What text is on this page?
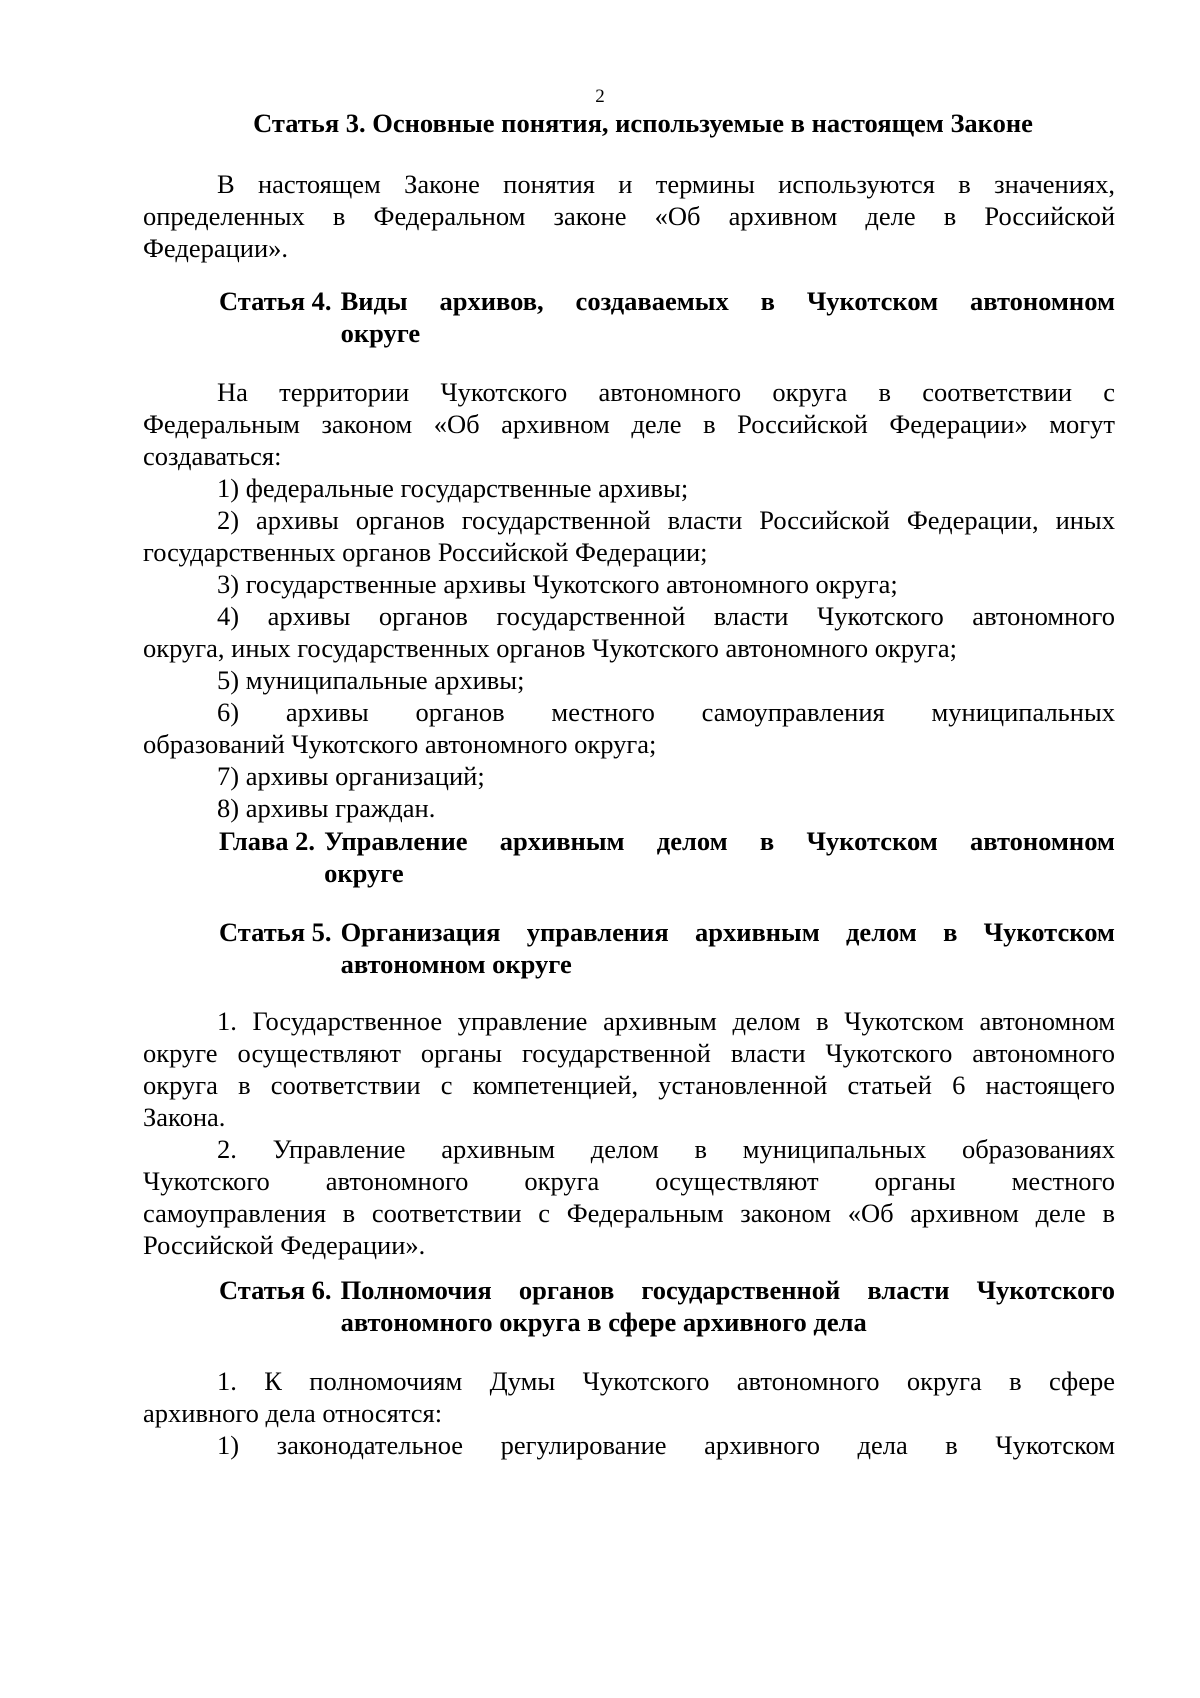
2
Статья 3. Основные понятия, используемые в настоящем Законе
В настоящем Законе понятия и термины используются в значениях,
определенных в Федеральном законе «Об архивном деле в Российской
Федерации».
Статья 4. Виды архивов, создаваемых в Чукотском автономном
округе
На территории Чукотского автономного округа в соответствии с
Федеральным законом «Об архивном деле в Российской Федерации» могут
создаваться:
1) федеральные государственные архивы;
2) архивы органов государственной власти Российской Федерации, иных
государственных органов Российской Федерации;
3) государственные архивы Чукотского автономного округа;
4) архивы органов государственной власти Чукотского автономного
округа, иных государственных органов Чукотского автономного округа;
5) муниципальные архивы;
6) архивы органов местного самоуправления муниципальных
образований Чукотского автономного округа;
7) архивы организаций;
8) архивы граждан.
Глава 2. Управление архивным делом в Чукотском автономном
округе
Статья 5. Организация управления архивным делом в Чукотском
автономном округе
1. Государственное управление архивным делом в Чукотском автономном
округе осуществляют органы государственной власти Чукотского автономного
округа в соответствии с компетенцией, установленной статьей 6 настоящего
Закона.
2. Управление архивным делом в муниципальных образованиях
Чукотского автономного округа осуществляют органы местного
самоуправления в соответствии с Федеральным законом «Об архивном деле в
Российской Федерации».
Статья 6. Полномочия органов государственной власти Чукотского
автономного округа в сфере архивного дела
1. К полномочиям Думы Чукотского автономного округа в сфере
архивного дела относятся:
1) законодательное регулирование архивного дела в Чукотском
